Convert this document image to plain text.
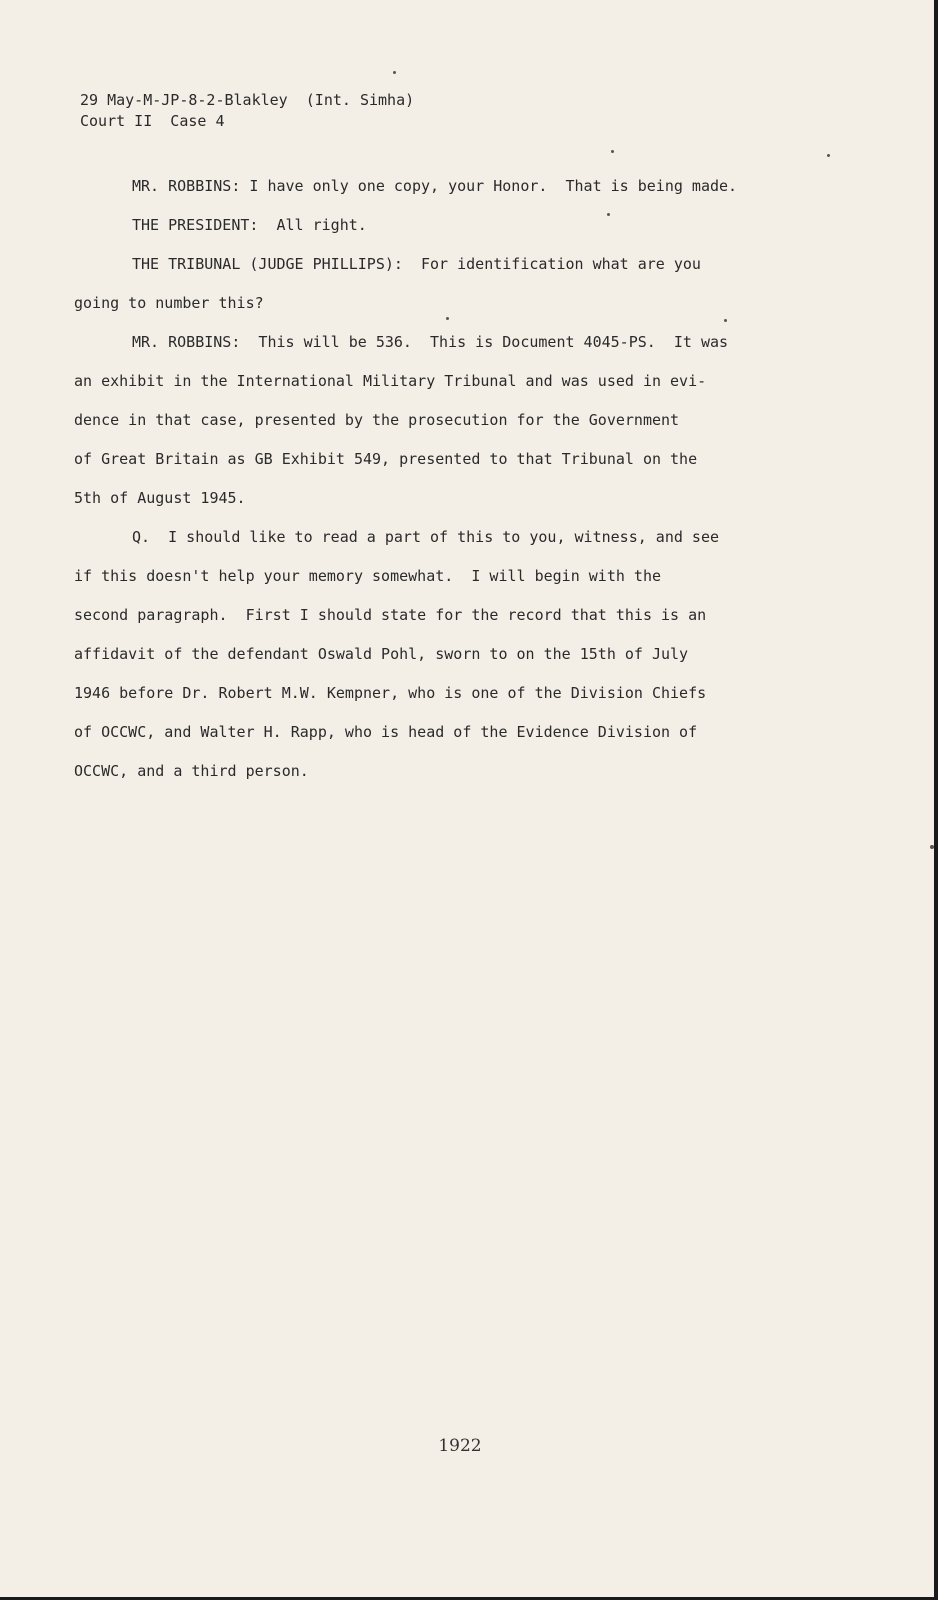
29 May-M-JP-8-2-Blakley  (Int. Simha)
Court II  Case 4
MR. ROBBINS: I have only one copy, your Honor.  That is being made.
THE PRESIDENT:  All right.
THE TRIBUNAL (JUDGE PHILLIPS):  For identification what are you
going to number this?
MR. ROBBINS:  This will be 536.  This is Document 4045-PS.  It was
an exhibit in the International Military Tribunal and was used in evi-
dence in that case, presented by the prosecution for the Government
of Great Britain as GB Exhibit 549, presented to that Tribunal on the
5th of August 1945.
Q.  I should like to read a part of this to you, witness, and see
if this doesn't help your memory somewhat.  I will begin with the
second paragraph.  First I should state for the record that this is an
affidavit of the defendant Oswald Pohl, sworn to on the 15th of July
1946 before Dr. Robert M.W. Kempner, who is one of the Division Chiefs
of OCCWC, and Walter H. Rapp, who is head of the Evidence Division of
OCCWC, and a third person.
1922
